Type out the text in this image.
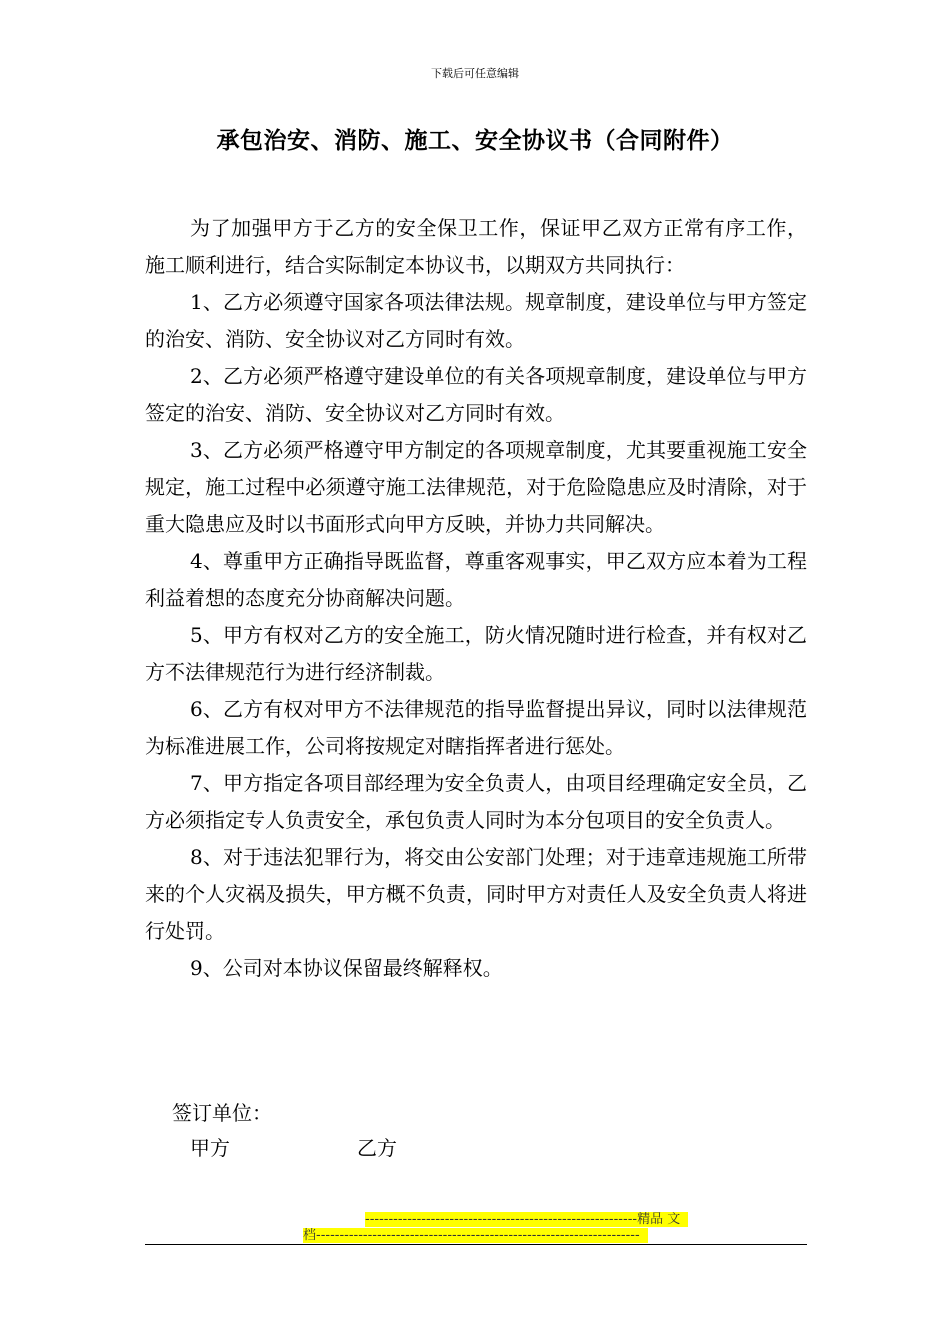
下载后可任意编辑
承包治安、消防、施工、安全协议书（合同附件）

为了加强甲方于乙方的安全保卫工作，保证甲乙双方正常有序工作，施工顺利进行，结合实际制定本协议书，以期双方共同执行：

1、乙方必须遵守国家各项法律法规。规章制度，建设单位与甲方签定的治安、消防、安全协议对乙方同时有效。

2、乙方必须严格遵守建设单位的有关各项规章制度，建设单位与甲方签定的治安、消防、安全协议对乙方同时有效。

3、乙方必须严格遵守甲方制定的各项规章制度，尤其要重视施工安全规定，施工过程中必须遵守施工法律规范，对于危险隐患应及时清除，对于重大隐患应及时以书面形式向甲方反映，并协力共同解决。

4、尊重甲方正确指导既监督，尊重客观事实，甲乙双方应本着为工程利益着想的态度充分协商解决问题。

5、甲方有权对乙方的安全施工，防火情况随时进行检查，并有权对乙方不法律规范行为进行经济制裁。

6、乙方有权对甲方不法律规范的指导监督提出异议，同时以法律规范为标准进展工作，公司将按规定对瞎指挥者进行惩处。

7、甲方指定各项目部经理为安全负责人，由项目经理确定安全员，乙方必须指定专人负责安全，承包负责人同时为本分包项目的安全负责人。

8、对于违法犯罪行为，将交由公安部门处理；对于违章违规施工所带来的个人灾祸及损失，甲方概不负责，同时甲方对责任人及安全负责人将进行处罚。

9、公司对本协议保留最终解释权。

签订单位：
甲方	乙方
----------------------------------------------------------精品 文
档---------------------------------------------------------------------
